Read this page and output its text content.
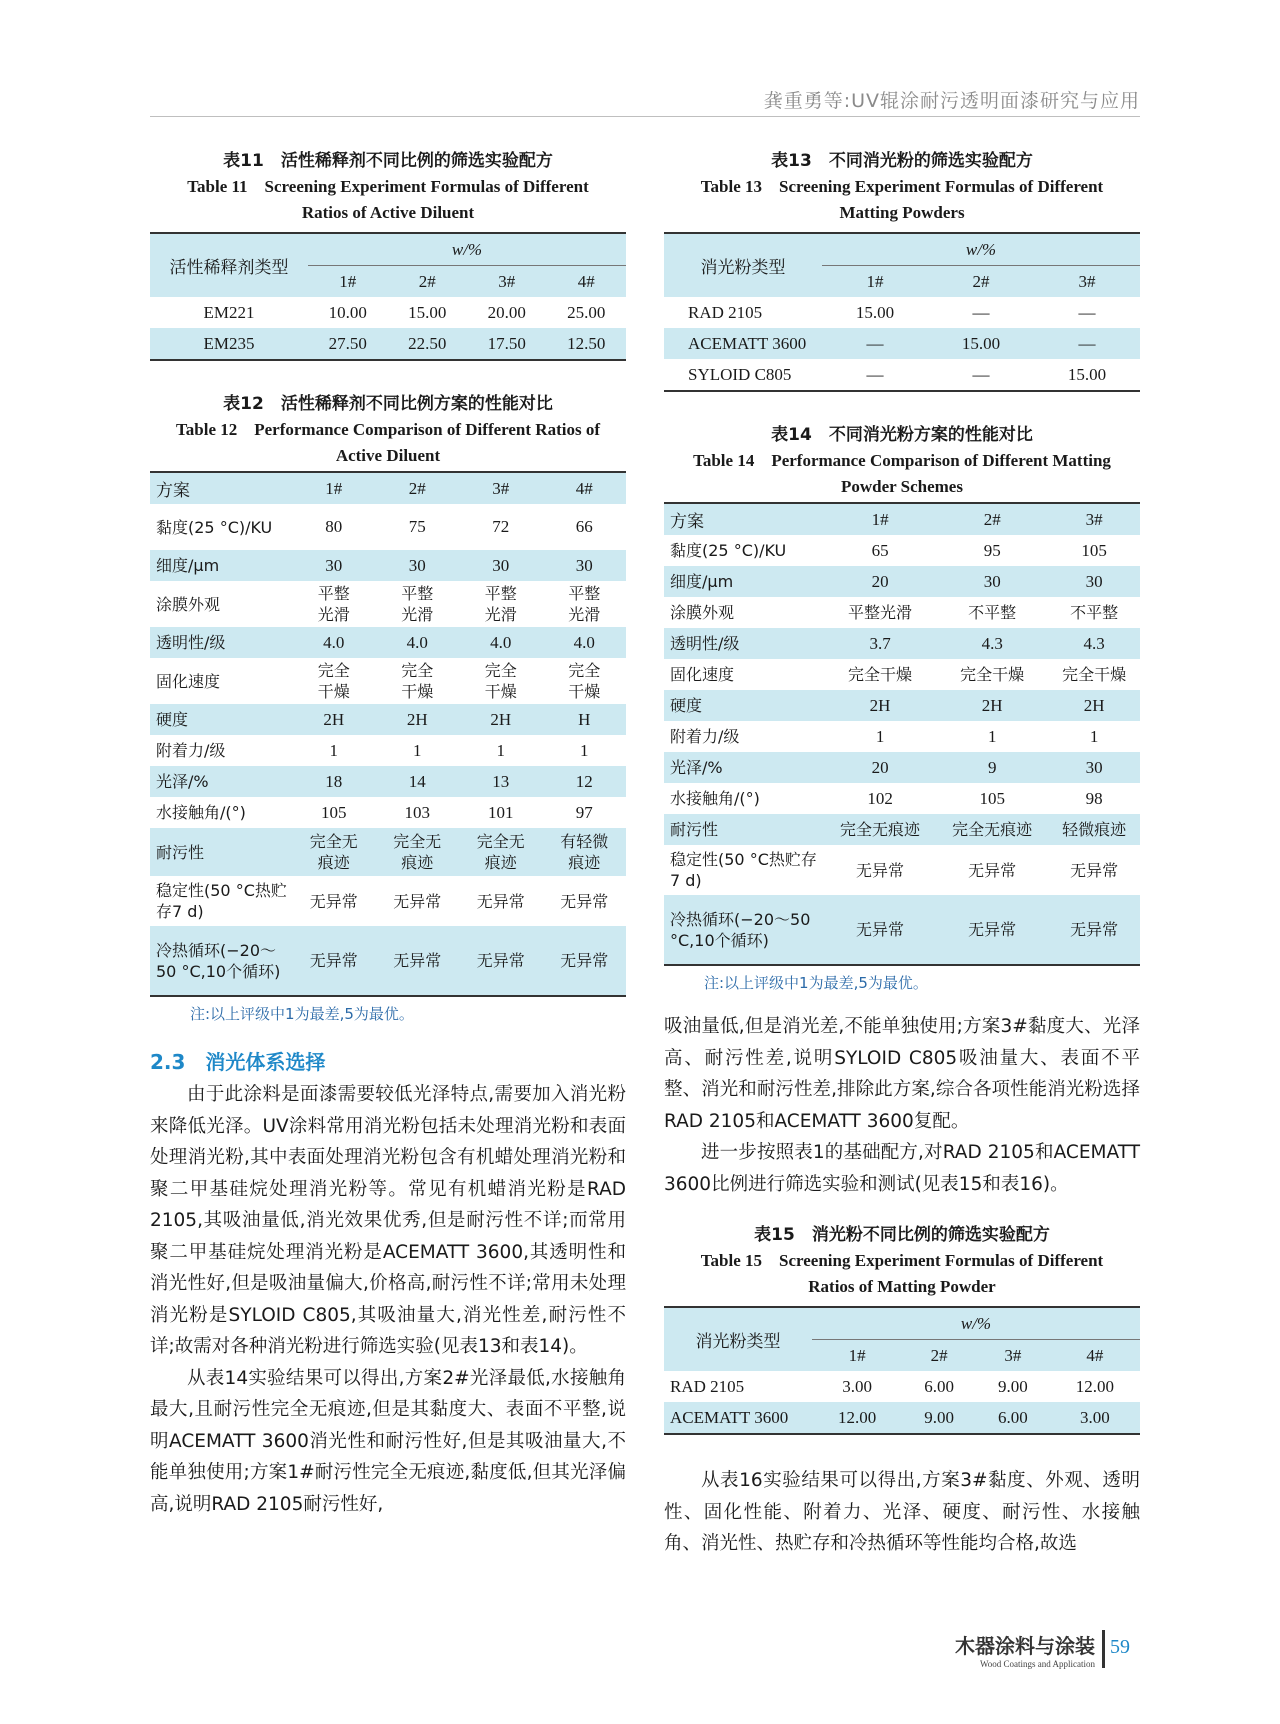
龚重勇等:UV辊涂耐污透明面漆研究与应用

表11　活性稀释剂不同比例的筛选实验配方

Table 11　Screening Experiment Formulas of Different

Ratios of Active Diluent

活性稀释剂类型	w/%			
	1#	2#	3#	4#
EM221	10.00	15.00	20.00	25.00
EM235	27.50	22.50	17.50	12.50

表12　活性稀释剂不同比例方案的性能对比

Table 12　Performance Comparison of Different Ratios of

Active Diluent

方案	1#	2#	3#	4#
黏度(25 °C)/KU	80	75	72	66
细度/μm	30	30	30	30
涂膜外观	平整光滑	平整光滑	平整光滑	平整光滑
透明性/级	4.0	4.0	4.0	4.0
固化速度	完全干燥	完全干燥	完全干燥	完全干燥
硬度	2H	2H	2H	H
附着力/级	1	1	1	1
光泽/%	18	14	13	12
水接触角/(°)	105	103	101	97
耐污性	完全无痕迹	完全无痕迹	完全无痕迹	有轻微痕迹
稳定性(50 °C热贮存7 d)	无异常	无异常	无异常	无异常
冷热循环(−20～50 °C,10个循环)	无异常	无异常	无异常	无异常

注:以上评级中1为最差,5为最优。

2.3　消光体系选择

由于此涂料是面漆需要较低光泽特点,需要加入消光粉来降低光泽。UV涂料常用消光粉包括未处理消光粉和表面处理消光粉,其中表面处理消光粉包含有机蜡处理消光粉和聚二甲基硅烷处理消光粉等。常见有机蜡消光粉是RAD 2105,其吸油量低,消光效果优秀,但是耐污性不详;而常用聚二甲基硅烷处理消光粉是ACEMATT 3600,其透明性和消光性好,但是吸油量偏大,价格高,耐污性不详;常用未处理消光粉是SYLOID C805,其吸油量大,消光性差,耐污性不详;故需对各种消光粉进行筛选实验(见表13和表14)。

从表14实验结果可以得出,方案2#光泽最低,水接触角最大,且耐污性完全无痕迹,但是其黏度大、表面不平整,说明ACEMATT 3600消光性和耐污性好,但是其吸油量大,不能单独使用;方案1#耐污性完全无痕迹,黏度低,但其光泽偏高,说明RAD 2105耐污性好,

表13　不同消光粉的筛选实验配方

Table 13　Screening Experiment Formulas of Different

Matting Powders

消光粉类型	w/%		
	1#	2#	3#
RAD 2105	15.00	—	—
ACEMATT 3600	—	15.00	—
SYLOID C805	—	—	15.00

表14　不同消光粉方案的性能对比

Table 14　Performance Comparison of Different Matting

Powder Schemes

方案	1#	2#	3#
黏度(25 °C)/KU	65	95	105
细度/μm	20	30	30
涂膜外观	平整光滑	不平整	不平整
透明性/级	3.7	4.3	4.3
固化速度	完全干燥	完全干燥	完全干燥
硬度	2H	2H	2H
附着力/级	1	1	1
光泽/%	20	9	30
水接触角/(°)	102	105	98
耐污性	完全无痕迹	完全无痕迹	轻微痕迹
稳定性(50 °C热贮存7 d)	无异常	无异常	无异常
冷热循环(−20～50 °C,10个循环)	无异常	无异常	无异常

注:以上评级中1为最差,5为最优。

吸油量低,但是消光差,不能单独使用;方案3#黏度大、光泽高、耐污性差,说明SYLOID C805吸油量大、表面不平整、消光和耐污性差,排除此方案,综合各项性能消光粉选择RAD 2105和ACEMATT 3600复配。

进一步按照表1的基础配方,对RAD 2105和ACEMATT 3600比例进行筛选实验和测试(见表15和表16)。

表15　消光粉不同比例的筛选实验配方

Table 15　Screening Experiment Formulas of Different

Ratios of Matting Powder

消光粉类型	w/%			
	1#	2#	3#	4#
RAD 2105	3.00	6.00	9.00	12.00
ACEMATT 3600	12.00	9.00	6.00	3.00

从表16实验结果可以得出,方案3#黏度、外观、透明性、固化性能、附着力、光泽、硬度、耐污性、水接触角、消光性、热贮存和冷热循环等性能均合格,故选

木器涂料与涂装
Wood Coatings and Application
59
